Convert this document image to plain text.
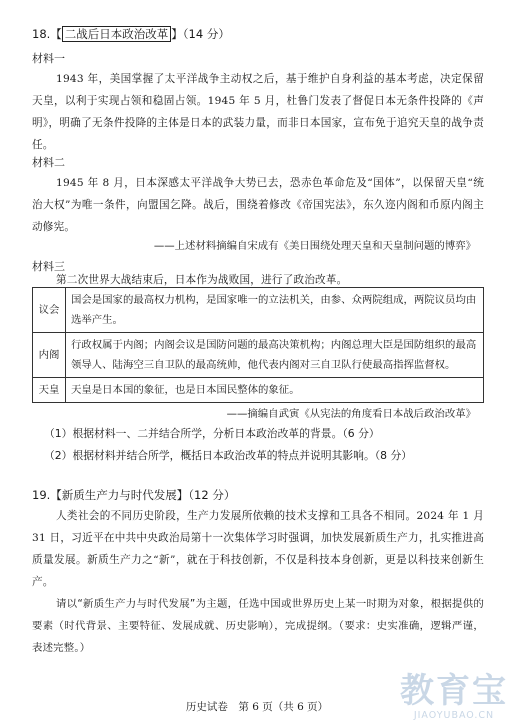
18.【 二战后日本政治改革 】（14 分）
材料一
1943 年，美国掌握了太平洋战争主动权之后，基于维护自身利益的基本考虑，决定保留天皇，以利于实现占领和稳固占领。1945 年 5 月，杜鲁门发表了督促日本无条件投降的《声明》，明确了无条件投降的主体是日本的武装力量，而非日本国家，宣布免于追究天皇的战争责任。
材料二
1945 年 8 月，日本深感太平洋战争大势已去，恐赤色革命危及“国体”，以保留天皇“统治大权”为唯一条件，向盟国乞降。战后，围绕着修改《帝国宪法》，东久迩内阁和币原内阁主动修宪。
——上述材料摘编自宋成有《美日围绕处理天皇和天皇制问题的博弈》
材料三
第二次世界大战结束后，日本作为战败国，进行了政治改革。
议会	国会是国家的最高权力机构，是国家唯一的立法机关，由参、众两院组成，两院议员均由选举产生。
内阁	行政权属于内阁；内阁会议是国防问题的最高决策机构；内阁总理大臣是国防组织的最高领导人、陆海空三自卫队的最高统帅，他代表内阁对三自卫队行使最高指挥监督权。
天皇	天皇是日本国的象征，也是日本国民整体的象征。
——摘编自武寅《从宪法的角度看日本战后政治改革》
（1）根据材料一、二并结合所学，分析日本政治改革的背景。（6 分）
（2）根据材料并结合所学，概括日本政治改革的特点并说明其影响。（8 分）
19.【新质生产力与时代发展】（12 分）
人类社会的不同历史阶段，生产力发展所依赖的技术支撑和工具各不相同。2024 年 1 月 31 日，习近平在中共中央政治局第十一次集体学习时强调，加快发展新质生产力，扎实推进高质量发展。新质生产力之“新”，就在于科技创新，不仅是科技本身创新，更是以科技来创新生产。
请以“新质生产力与时代发展”为主题，任选中国或世界历史上某一时期为对象，根据提供的要素（时代背景、主要特征、发展成就、历史影响），完成提纲。（要求：史实准确，逻辑严谨，表述完整。）
教育宝
JIAOYUBAO.CN
历史试卷　第 6 页（共 6 页）
